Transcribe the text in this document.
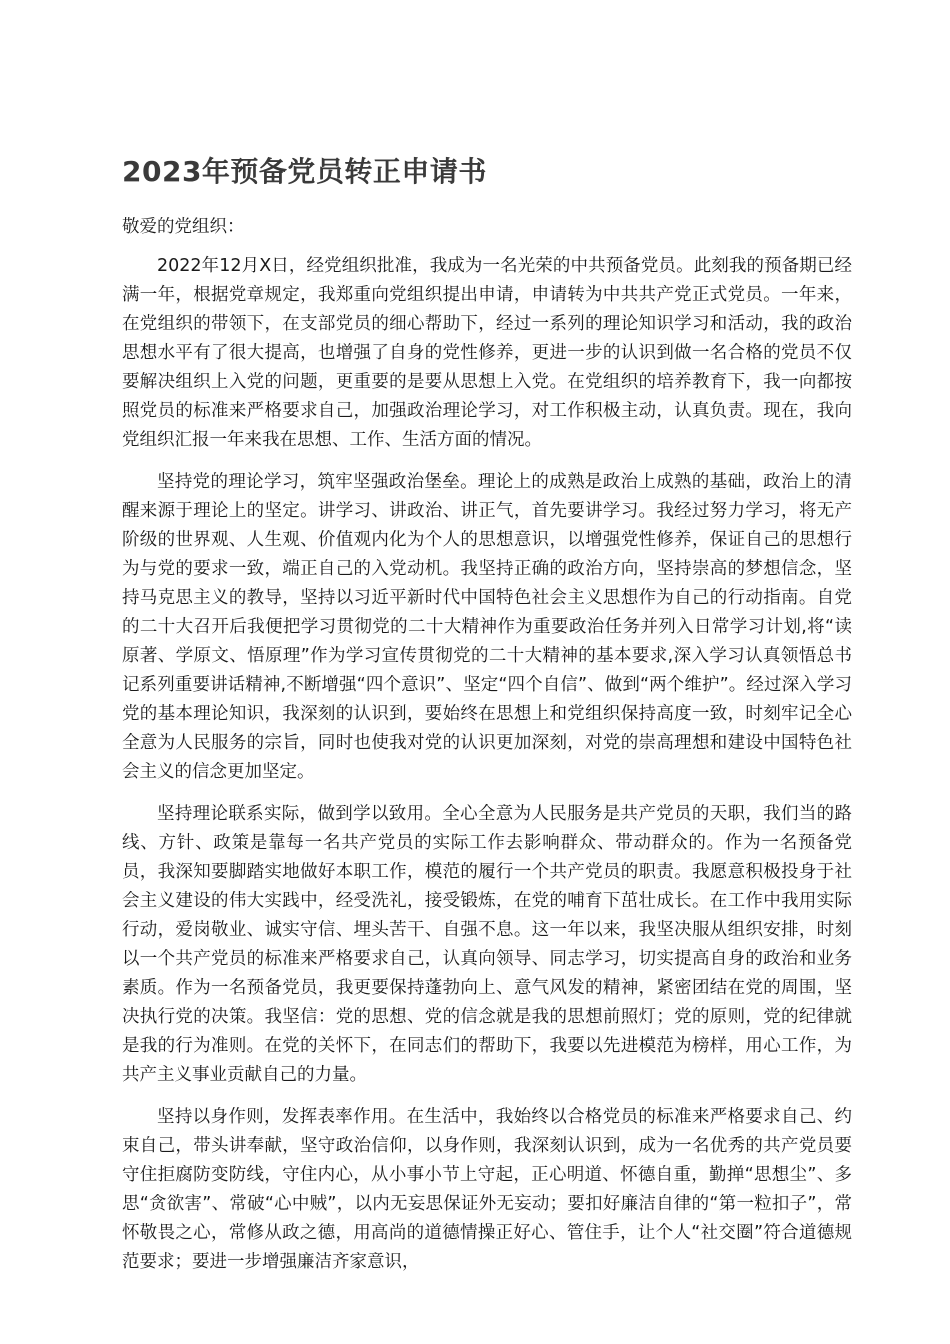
2023年预备党员转正申请书

敬爱的党组织：

2022年12月X日，经党组织批准，我成为一名光荣的中共预备党员。此刻我的预备期已经满一年，根据党章规定，我郑重向党组织提出申请，申请转为中共共产党正式党员。一年来，在党组织的带领下，在支部党员的细心帮助下，经过一系列的理论知识学习和活动，我的政治思想水平有了很大提高，也增强了自身的党性修养，更进一步的认识到做一名合格的党员不仅要解决组织上入党的问题，更重要的是要从思想上入党。在党组织的培养教育下，我一向都按照党员的标准来严格要求自己，加强政治理论学习，对工作积极主动，认真负责。现在，我向党组织汇报一年来我在思想、工作、生活方面的情况。

坚持党的理论学习，筑牢坚强政治堡垒。理论上的成熟是政治上成熟的基础，政治上的清醒来源于理论上的坚定。讲学习、讲政治、讲正气，首先要讲学习。我经过努力学习，将无产阶级的世界观、人生观、价值观内化为个人的思想意识，以增强党性修养，保证自己的思想行为与党的要求一致，端正自己的入党动机。我坚持正确的政治方向，坚持崇高的梦想信念，坚持马克思主义的教导，坚持以习近平新时代中国特色社会主义思想作为自己的行动指南。自党的二十大召开后我便把学习贯彻党的二十大精神作为重要政治任务并列入日常学习计划,将“读原著、学原文、悟原理”作为学习宣传贯彻党的二十大精神的基本要求,深入学习认真领悟总书记系列重要讲话精神,不断增强“四个意识”、坚定“四个自信”、做到“两个维护”。经过深入学习党的基本理论知识，我深刻的认识到，要始终在思想上和党组织保持高度一致，时刻牢记全心全意为人民服务的宗旨，同时也使我对党的认识更加深刻，对党的崇高理想和建设中国特色社会主义的信念更加坚定。

坚持理论联系实际，做到学以致用。全心全意为人民服务是共产党员的天职，我们当的路线、方针、政策是靠每一名共产党员的实际工作去影响群众、带动群众的。作为一名预备党员，我深知要脚踏实地做好本职工作，模范的履行一个共产党员的职责。我愿意积极投身于社会主义建设的伟大实践中，经受洗礼，接受锻炼，在党的哺育下茁壮成长。在工作中我用实际行动，爱岗敬业、诚实守信、埋头苦干、自强不息。这一年以来，我坚决服从组织安排，时刻以一个共产党员的标准来严格要求自己，认真向领导、同志学习，切实提高自身的政治和业务素质。作为一名预备党员，我更要保持蓬勃向上、意气风发的精神，紧密团结在党的周围，坚决执行党的决策。我坚信：党的思想、党的信念就是我的思想前照灯；党的原则，党的纪律就是我的行为准则。在党的关怀下，在同志们的帮助下，我要以先进模范为榜样，用心工作，为共产主义事业贡献自己的力量。

坚持以身作则，发挥表率作用。在生活中，我始终以合格党员的标准来严格要求自己、约束自己，带头讲奉献，坚守政治信仰，以身作则，我深刻认识到，成为一名优秀的共产党员要守住拒腐防变防线，守住内心，从小事小节上守起，正心明道、怀德自重，勤掸“思想尘”、多思“贪欲害”、常破“心中贼”，以内无妄思保证外无妄动；要扣好廉洁自律的“第一粒扣子”，常怀敬畏之心，常修从政之德，用高尚的道德情操正好心、管住手，让个人“社交圈”符合道德规范要求；要进一步增强廉洁齐家意识，
